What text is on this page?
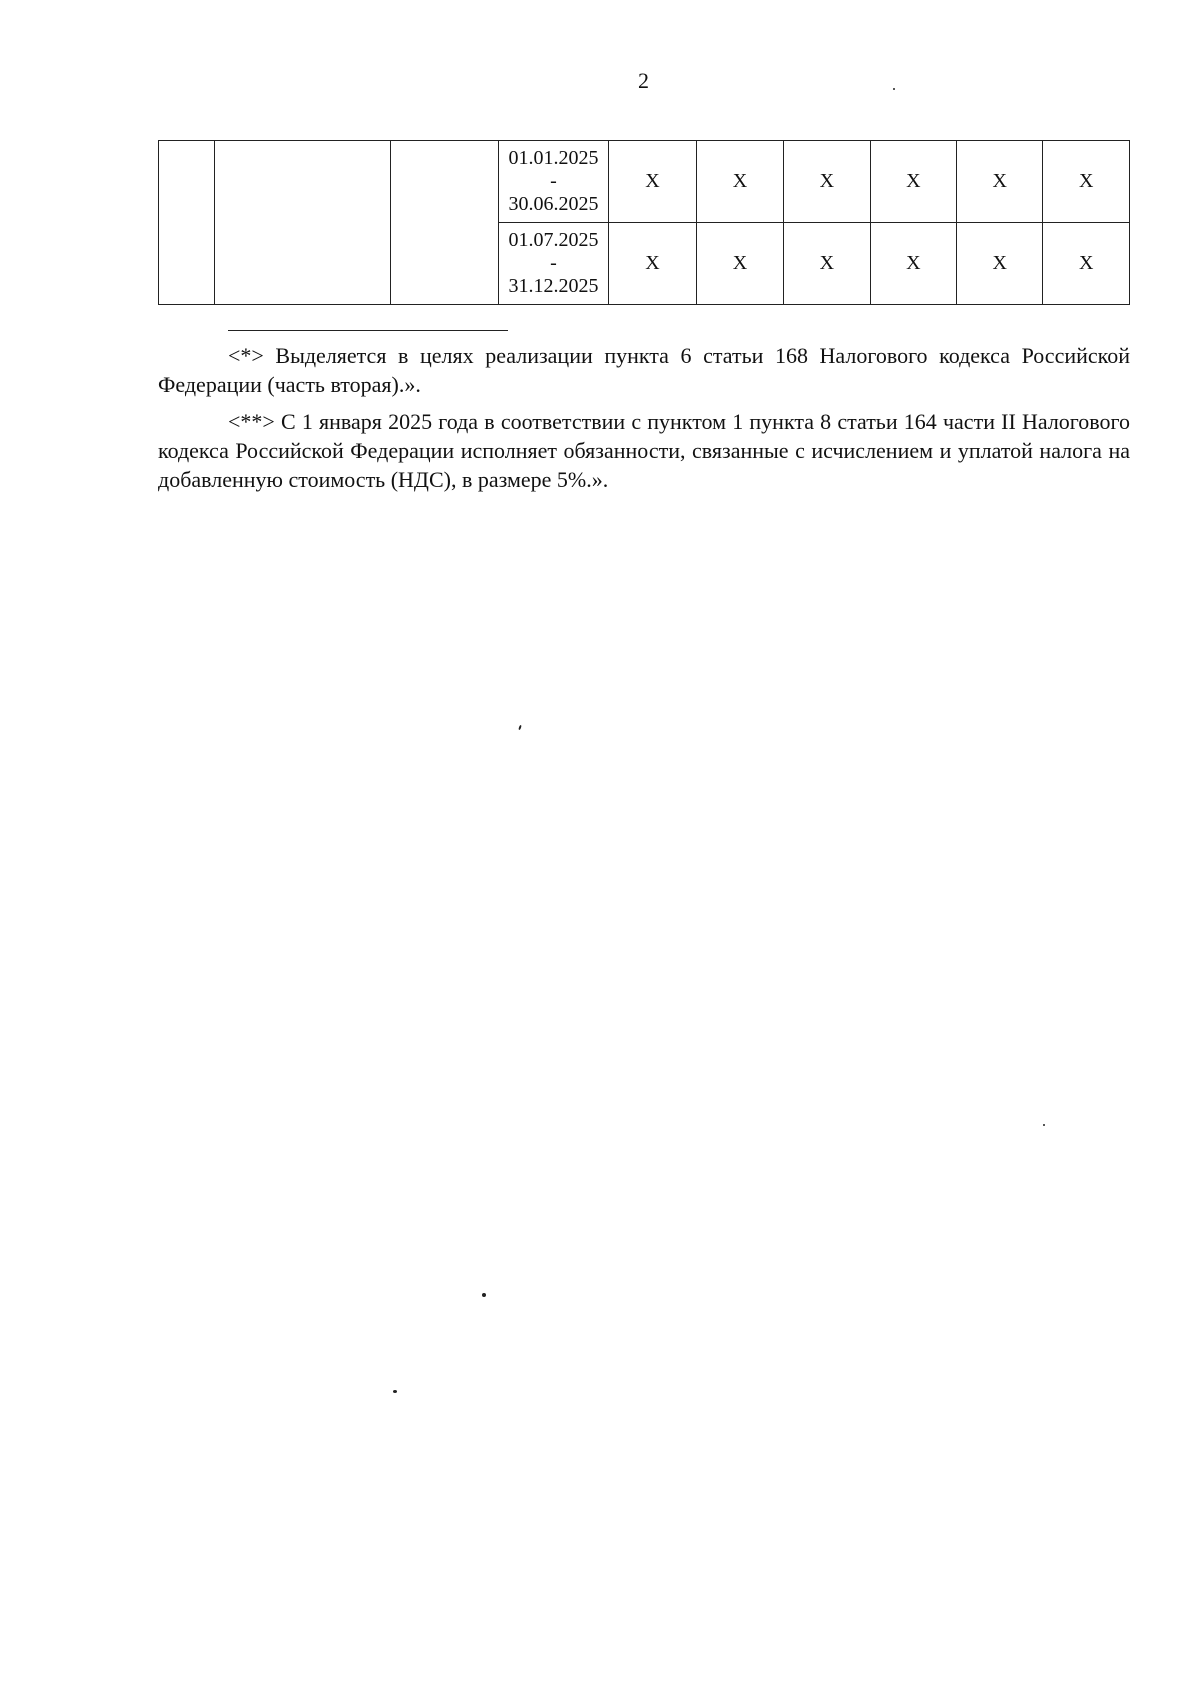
2

			01.01.2025
-
30.06.2025	X	X	X	X	X	X

			01.07.2025
-
31.12.2025	X	X	X	X	X	X

<*> Выделяется в целях реализации пункта 6 статьи 168 Налогового кодекса Российской Федерации (часть вторая).».

<**> С 1 января 2025 года в соответствии с пунктом 1 пункта 8 статьи 164 части II Налогового кодекса Российской Федерации исполняет обязанности, связанные с исчислением и уплатой налога на добавленную стоимость (НДС), в размере 5%.».
